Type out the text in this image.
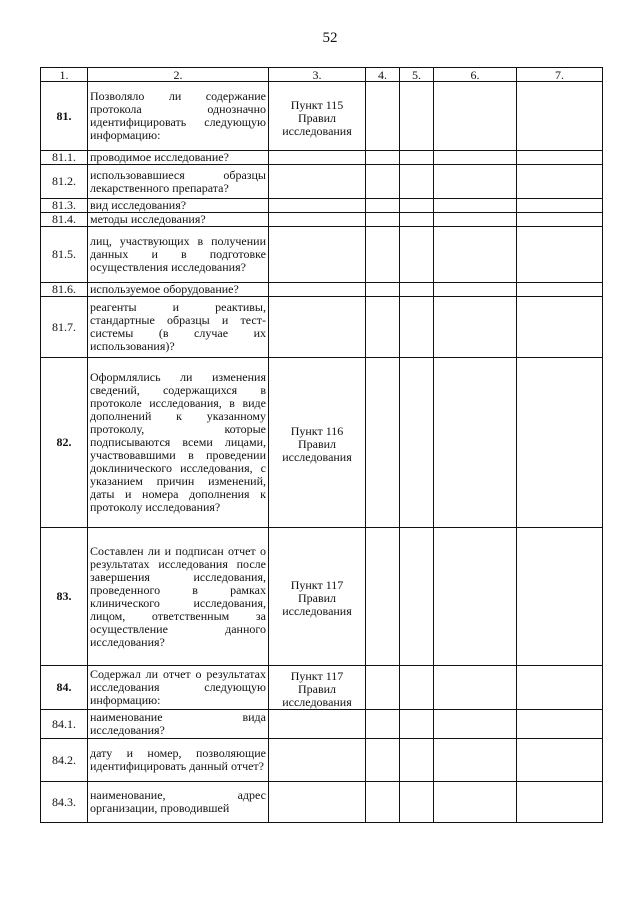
52
1.	2.	3.	4.	5.	6.	7.
81.	Позволяло ли содержание протокола однозначно идентифицировать следующую информацию:	Пункт 115 Правил исследования				
81.1.	проводимое исследование?					
81.2.	использовавшиеся образцы лекарственного препарата?					
81.3.	вид исследования?					
81.4.	методы исследования?					
81.5.	лиц, участвующих в получении данных и в подготовке осуществления исследования?					
81.6.	используемое оборудование?					
81.7.	реагенты и реактивы, стандартные образцы и тест-системы (в случае их использования)?					
82.	Оформлялись ли изменения сведений, содержащихся в протоколе исследования, в виде дополнений к указанному протоколу, которые подписываются всеми лицами, участвовавшими в проведении доклинического исследования, с указанием причин изменений, даты и номера дополнения к протоколу исследования?	Пункт 116 Правил исследования				
83.	Составлен ли и подписан отчет о результатах исследования после завершения исследования, проведенного в рамках клинического исследования, лицом, ответственным за осуществление данного исследования?	Пункт 117 Правил исследования				
84.	Содержал ли отчет о результатах исследования следующую информацию:	Пункт 117 Правил исследования				
84.1.	наименование вида исследования?					
84.2.	дату и номер, позволяющие идентифицировать данный отчет?					
84.3.	наименование, адрес организации, проводившей					
